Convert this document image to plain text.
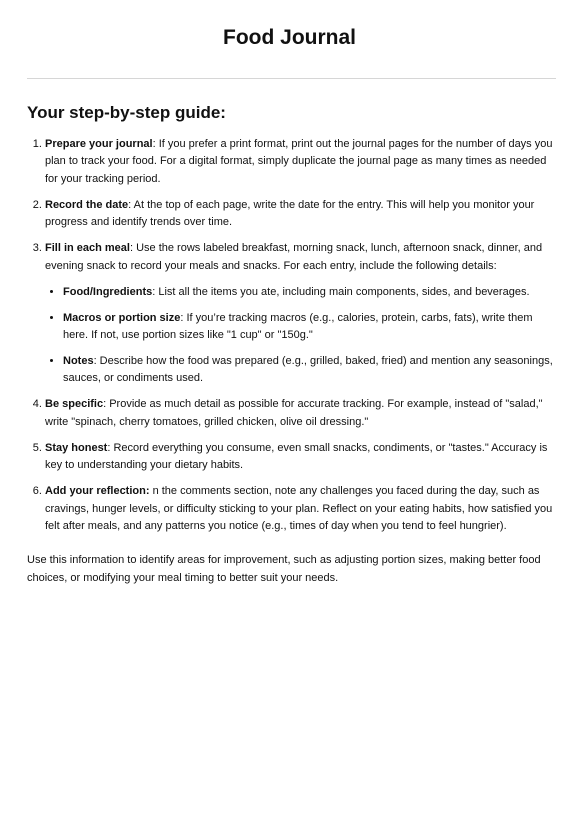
Food Journal
Your step-by-step guide:
1. Prepare your journal: If you prefer a print format, print out the journal pages for the number of days you plan to track your food. For a digital format, simply duplicate the journal page as many times as needed for your tracking period.
2. Record the date: At the top of each page, write the date for the entry. This will help you monitor your progress and identify trends over time.
3. Fill in each meal: Use the rows labeled breakfast, morning snack, lunch, afternoon snack, dinner, and evening snack to record your meals and snacks. For each entry, include the following details:
• Food/Ingredients: List all the items you ate, including main components, sides, and beverages.
• Macros or portion size: If you’re tracking macros (e.g., calories, protein, carbs, fats), write them here. If not, use portion sizes like "1 cup" or "150g."
• Notes: Describe how the food was prepared (e.g., grilled, baked, fried) and mention any seasonings, sauces, or condiments used.
4. Be specific: Provide as much detail as possible for accurate tracking. For example, instead of "salad," write "spinach, cherry tomatoes, grilled chicken, olive oil dressing."
5. Stay honest: Record everything you consume, even small snacks, condiments, or "tastes." Accuracy is key to understanding your dietary habits.
6. Add your reflection: n the comments section, note any challenges you faced during the day, such as cravings, hunger levels, or difficulty sticking to your plan. Reflect on your eating habits, how satisfied you felt after meals, and any patterns you notice (e.g., times of day when you tend to feel hungrier).

Use this information to identify areas for improvement, such as adjusting portion sizes, making better food choices, or modifying your meal timing to better suit your needs.
